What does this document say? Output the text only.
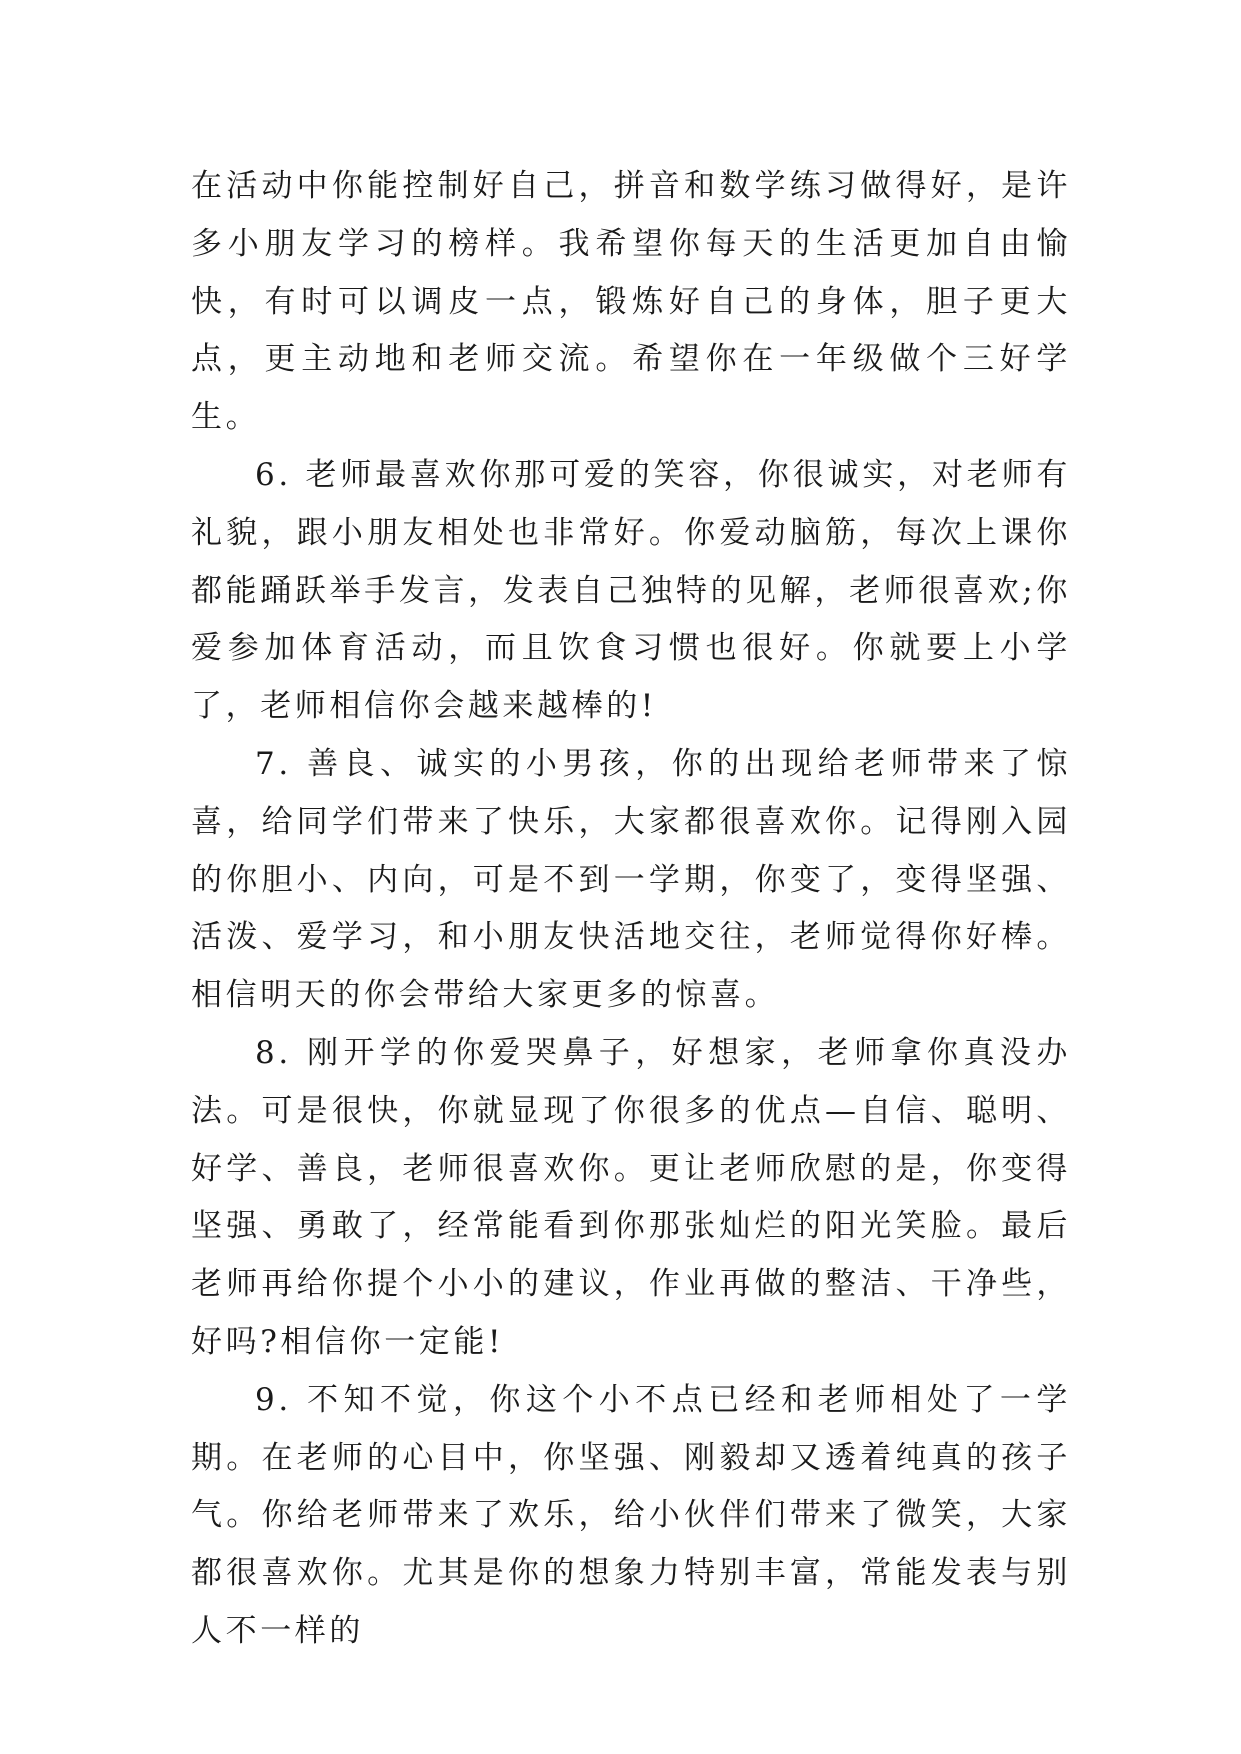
在活动中你能控制好自己，拼音和数学练习做得好，是许多小朋友学习的榜样。我希望你每天的生活更加自由愉快，有时可以调皮一点，锻炼好自己的身体，胆子更大点，更主动地和老师交流。希望你在一年级做个三好学生。

6. 老师最喜欢你那可爱的笑容，你很诚实，对老师有礼貌，跟小朋友相处也非常好。你爱动脑筋，每次上课你都能踊跃举手发言，发表自己独特的见解，老师很喜欢;你爱参加体育活动，而且饮食习惯也很好。你就要上小学了，老师相信你会越来越棒的!

7. 善良、诚实的小男孩，你的出现给老师带来了惊喜，给同学们带来了快乐，大家都很喜欢你。记得刚入园的你胆小、内向，可是不到一学期，你变了，变得坚强、活泼、爱学习，和小朋友快活地交往，老师觉得你好棒。相信明天的你会带给大家更多的惊喜。

8. 刚开学的你爱哭鼻子，好想家，老师拿你真没办法。可是很快，你就显现了你很多的优点—自信、聪明、好学、善良，老师很喜欢你。更让老师欣慰的是，你变得坚强、勇敢了，经常能看到你那张灿烂的阳光笑脸。最后老师再给你提个小小的建议，作业再做的整洁、干净些，好吗?相信你一定能!

9. 不知不觉，你这个小不点已经和老师相处了一学期。在老师的心目中，你坚强、刚毅却又透着纯真的孩子气。你给老师带来了欢乐，给小伙伴们带来了微笑，大家都很喜欢你。尤其是你的想象力特别丰富，常能发表与别人不一样的
